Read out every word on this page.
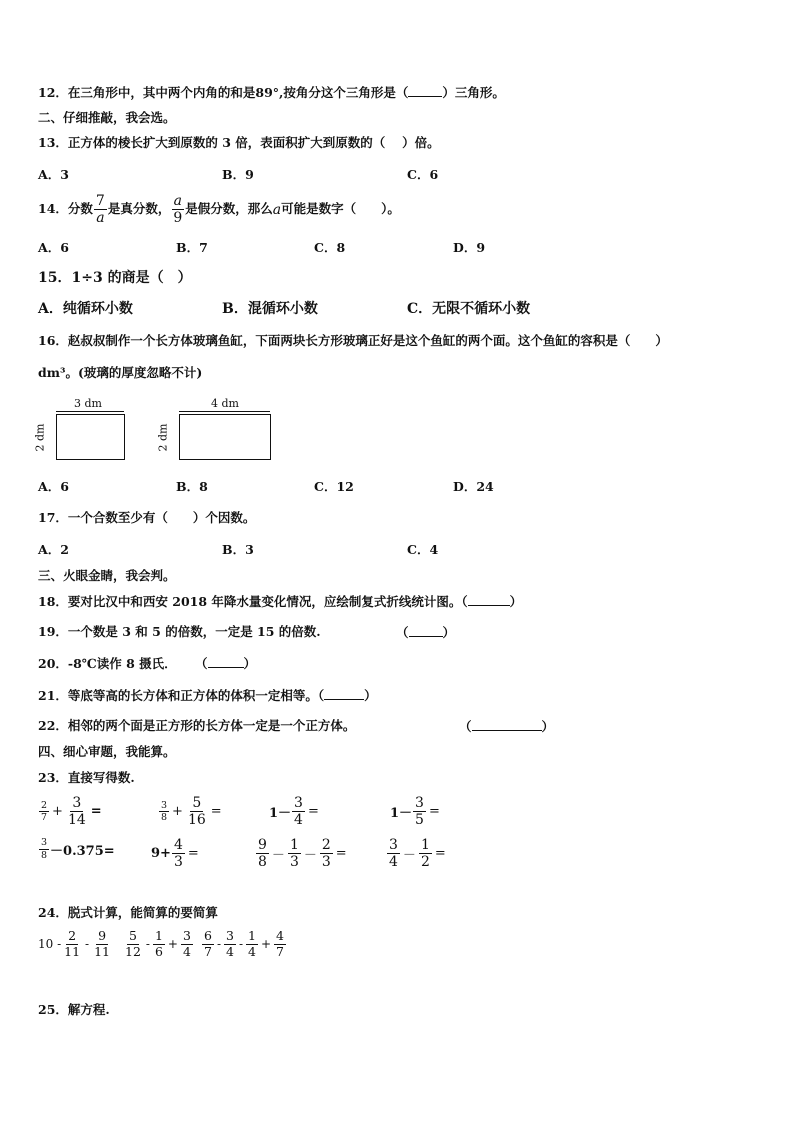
12．在三角形中，其中两个内角的和是89°,按角分这个三角形是（	）三角形。
二、仔细推敲，我会选。
13．正方体的棱长扩大到原数的 3 倍，表面积扩大到原数的（　 ）倍。
A．3	B．9	C．6
14．分数 $\frac{7}{a}$ 是真分数， $\frac{a}{9}$ 是假分数，那么 a 可能是数字（　　）。
A．6	B．7	C．8	D．9
15．1÷3 的商是（　）
A．纯循环小数	B．混循环小数	C．无限不循环小数
16．赵叔叔制作一个长方体玻璃鱼缸，下面两块长方形玻璃正好是这个鱼缸的两个面。这个鱼缸的容积是（　　）
dm³。(玻璃的厚度忽略不计)
3 dm
2 dm
4 dm
2 dm
A．6	B．8	C．12	D．24
17．一个合数至少有（　　）个因数。
A．2	B．3	C．4
三、火眼金睛，我会判。
18．要对比汉中和西安 2018 年降水量变化情况，应绘制复式折线统计图。（	）
19．一个数是 3 和 5 的倍数，一定是 15 的倍数.	（	）
20．-8℃读作 8 摄氏． （	）
21．等底等高的长方体和正方体的体积一定相等。（	）
22．相邻的两个面是正方形的长方体一定是一个正方体。	（	）
四、细心审题，我能算。
23．直接写得数.
$\frac{2}{7} + \frac{3}{14}$ =	$\frac{3}{8} + \frac{5}{16}$ =	$1- \frac{3}{4}$ =	$1- \frac{3}{5}$ =
$\frac{3}{8} -0.375=$	$9+ \frac{4}{3}$ =	$\frac{9}{8} - \frac{1}{3} - \frac{2}{3}$ =	$\frac{3}{4} - \frac{1}{2}$ =
24．脱式计算，能简算的要简算
$10 - \frac{2}{11} - \frac{9}{11} \frac{5}{12} - \frac{1}{6} + \frac{3}{4} \frac{6}{7} - \frac{3}{4} - \frac{1}{4} + \frac{4}{7}$
25．解方程.
